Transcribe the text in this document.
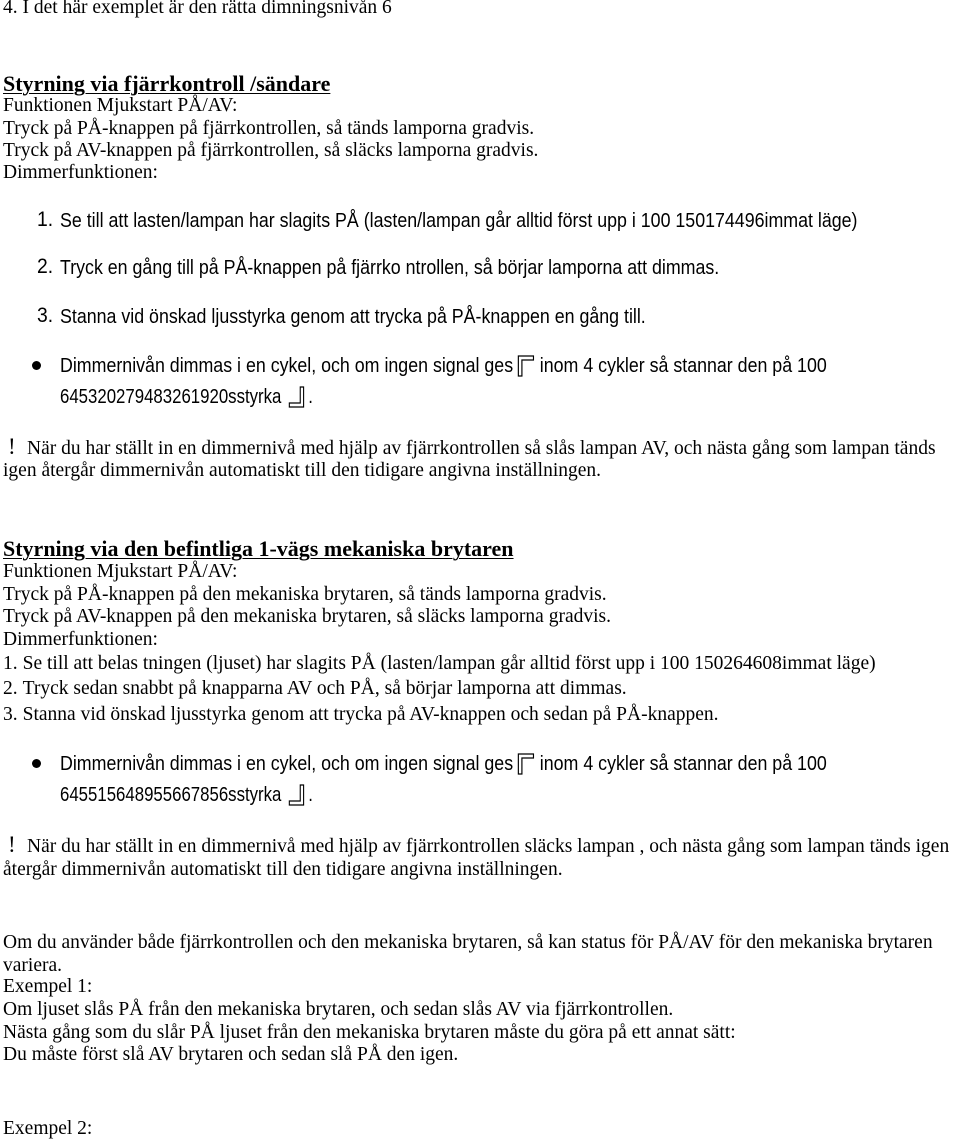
4. I det här exemplet är den rätta dimningsnivån 6
Styrning via fjärrkontroll /sändare
Funktionen Mjukstart PÅ/AV:
Tryck på PÅ-knappen på fjärrkontrollen, så tänds lamporna gradvis.
Tryck på AV-knappen på fjärrkontrollen, så släcks lamporna gradvis.
Dimmerfunktionen:
1. Se till att lasten/lampan har slagits PÅ (lasten/lampan går alltid först upp i 100 150174496immat läge)
2. Tryck en gång till på PÅ-knappen på fjärrko ntrollen, så börjar lamporna att dimmas.
3. Stanna vid önskad ljusstyrka genom att trycka på PÅ-knappen en gång till.
Dimmernivån dimmas i en cykel, och om ingen signal ges inom 4 cykler så stannar den på 100
645320279483261920sstyrka .
! När du har ställt in en dimmernivå med hjälp av fjärrkontrollen så slås lampan AV, och nästa gång som lampan tänds
igen återgår dimmernivån automatiskt till den tidigare angivna inställningen.
Styrning via den befintliga 1-vägs mekaniska brytaren
Funktionen Mjukstart PÅ/AV:
Tryck på PÅ-knappen på den mekaniska brytaren, så tänds lamporna gradvis.
Tryck på AV-knappen på den mekaniska brytaren, så släcks lamporna gradvis.
Dimmerfunktionen:
1. Se till att belas tningen (ljuset) har slagits PÅ (lasten/lampan går alltid först upp i 100 150264608immat läge)
2. Tryck sedan snabbt på knapparna AV och PÅ, så börjar lamporna att dimmas.
3. Stanna vid önskad ljusstyrka genom att trycka på AV-knappen och sedan på PÅ-knappen.
Dimmernivån dimmas i en cykel, och om ingen signal ges inom 4 cykler så stannar den på 100
645515648955667856sstyrka .
! När du har ställt in en dimmernivå med hjälp av fjärrkontrollen släcks lampan , och nästa gång som lampan tänds igen
återgår dimmernivån automatiskt till den tidigare angivna inställningen.
Om du använder både fjärrkontrollen och den mekaniska brytaren, så kan status för PÅ/AV för den mekaniska brytaren
variera.
Exempel 1:
Om ljuset slås PÅ från den mekaniska brytaren, och sedan slås AV via fjärrkontrollen.
Nästa gång som du slår PÅ ljuset från den mekaniska brytaren måste du göra på ett annat sätt:
Du måste först slå AV brytaren och sedan slå PÅ den igen.
Exempel 2:
